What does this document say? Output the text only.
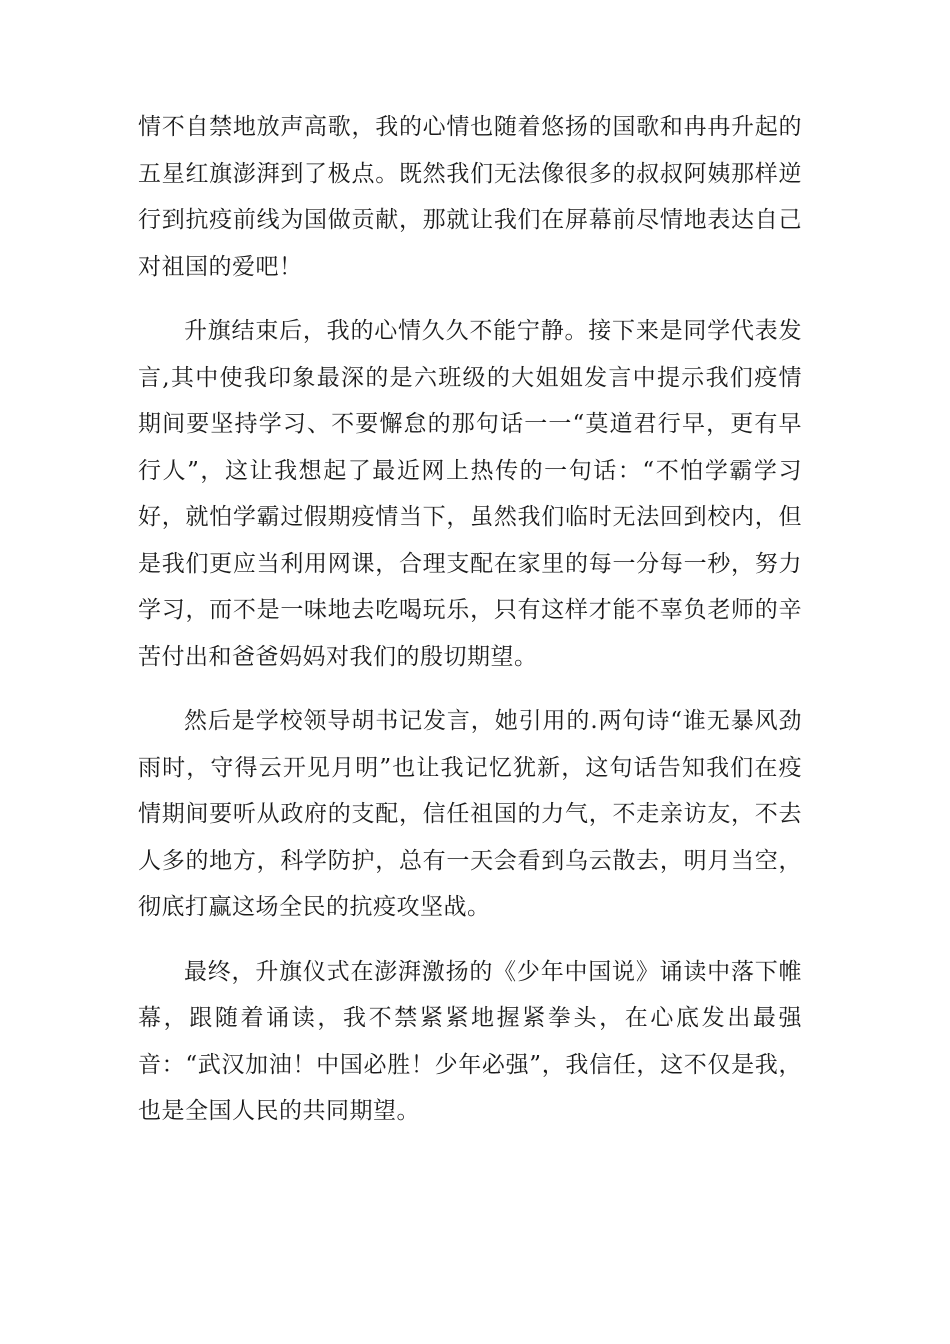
情不自禁地放声高歌，我的心情也随着悠扬的国歌和冉冉升起的五星红旗澎湃到了极点。既然我们无法像很多的叔叔阿姨那样逆行到抗疫前线为国做贡献，那就让我们在屏幕前尽情地表达自己对祖国的爱吧！

升旗结束后，我的心情久久不能宁静。接下来是同学代表发言,其中使我印象最深的是六班级的大姐姐发言中提示我们疫情期间要坚持学习、不要懈怠的那句话一一“莫道君行早，更有早行人”，这让我想起了最近网上热传的一句话：“不怕学霸学习好，就怕学霸过假期疫情当下，虽然我们临时无法回到校内，但是我们更应当利用网课，合理支配在家里的每一分每一秒，努力学习，而不是一味地去吃喝玩乐，只有这样才能不辜负老师的辛苦付出和爸爸妈妈对我们的殷切期望。

然后是学校领导胡书记发言，她引用的.两句诗“谁无暴风劲雨时，守得云开见月明”也让我记忆犹新，这句话告知我们在疫情期间要听从政府的支配，信任祖国的力气，不走亲访友，不去人多的地方，科学防护，总有一天会看到乌云散去，明月当空，彻底打赢这场全民的抗疫攻坚战。

最终，升旗仪式在澎湃激扬的《少年中国说》诵读中落下帷幕，跟随着诵读，我不禁紧紧地握紧拳头，在心底发出最强音：“武汉加油！中国必胜！少年必强”，我信任，这不仅是我，也是全国人民的共同期望。
